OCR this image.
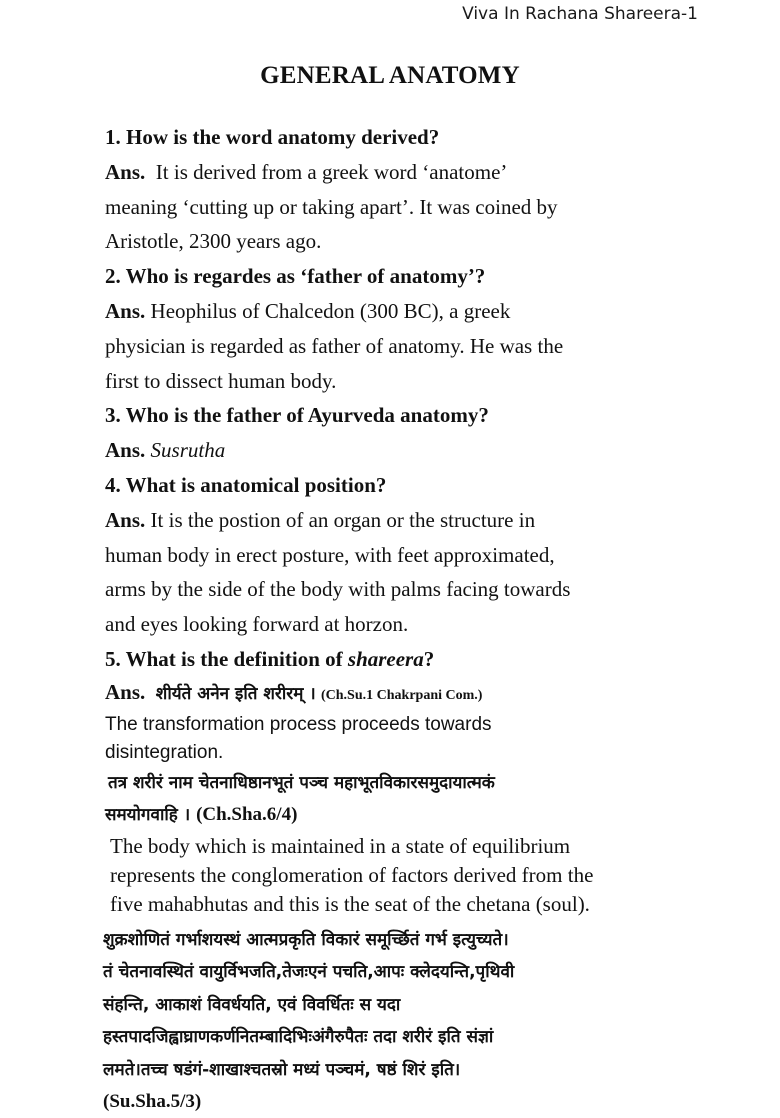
Viva In Rachana Shareera-1
GENERAL ANATOMY

1. How is the word anatomy derived?

Ans. It is derived from a greek word ‘anatome’

meaning ‘cutting up or taking apart’. It was coined by

Aristotle, 2300 years ago.

2. Who is regardes as ‘father of anatomy’?

Ans. Heophilus of Chalcedon (300 BC), a greek

physician is regarded as father of anatomy. He was the

first to dissect human body.

3. Who is the father of Ayurveda anatomy?

Ans. Susrutha

4. What is anatomical position?

Ans. It is the postion of an organ or the structure in

human body in erect posture, with feet approximated,

arms by the side of the body with palms facing towards

and eyes looking forward at horzon.

5. What is the definition of shareera?

Ans. शीर्यते अनेन इति शरीरम् । (Ch.Su.1 Chakrpani Com.)

The transformation process proceeds towards

disintegration.

तत्र शरीरं नाम चेतनाधिष्ठानभूतं पञ्च महाभूतविकारसमुदायात्मकं

समयोगवाहि । (Ch.Sha.6/4)

The body which is maintained in a state of equilibrium
represents the conglomeration of factors derived from the
five mahabhutas and this is the seat of the chetana (soul).

शुक्रशोणितं गर्भाशयस्थं आत्मप्रकृति विकारं समूर्च्छितं गर्भ इत्युच्यते।

तं चेतनावस्थितं वायुर्विभजति,तेजःएनं पचति,आपः क्लेदयन्ति,पृथिवी

संहन्ति, आकाशं विवर्धयति, एवं विवर्धितः स यदा

हस्तपादजिह्वाघ्राणकर्णनितम्बादिभिःअंगैरुपैतः तदा शरीरं इति संज्ञां

लमते।तच्च षडंगं-शाखाश्चतस्रो मध्यं पञ्चमं, षष्ठं शिरं इति।

(Su.Sha.5/3)
